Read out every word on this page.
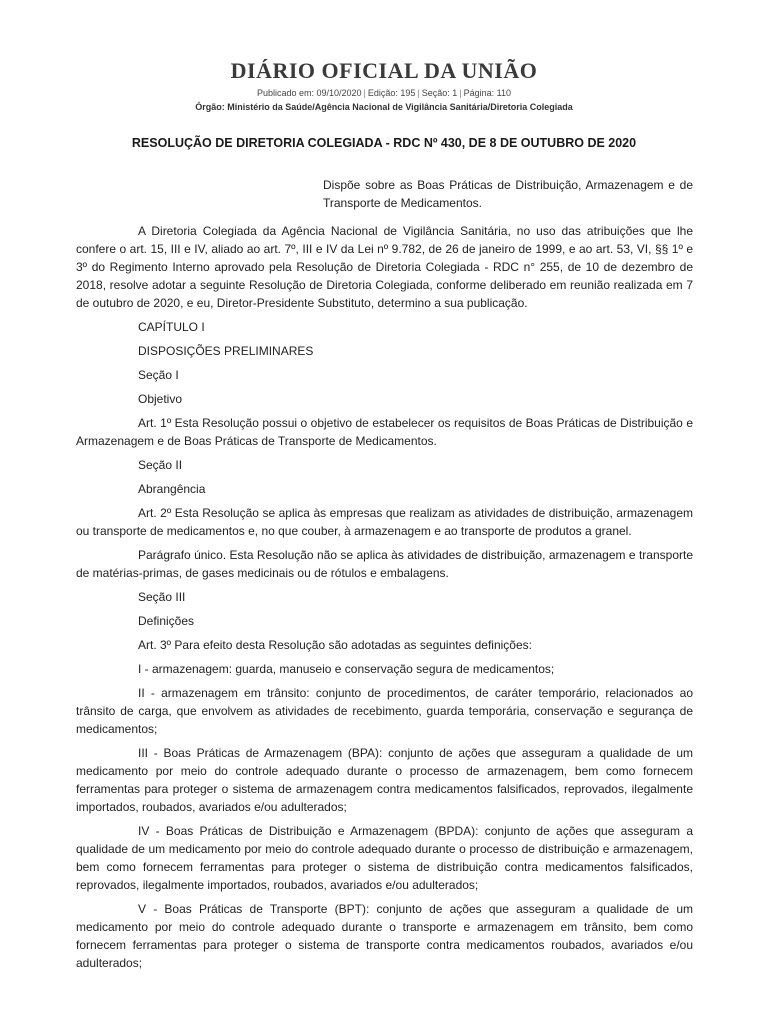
DIÁRIO OFICIAL DA UNIÃO
Publicado em: 09/10/2020 | Edição: 195 | Seção: 1 | Página: 110
Órgão: Ministério da Saúde/Agência Nacional de Vigilância Sanitária/Diretoria Colegiada
RESOLUÇÃO DE DIRETORIA COLEGIADA - RDC Nº 430, DE 8 DE OUTUBRO DE 2020
Dispõe sobre as Boas Práticas de Distribuição, Armazenagem e de Transporte de Medicamentos.

A Diretoria Colegiada da Agência Nacional de Vigilância Sanitária, no uso das atribuições que lhe confere o art. 15, III e IV, aliado ao art. 7º, III e IV da Lei nº 9.782, de 26 de janeiro de 1999, e ao art. 53, VI, §§ 1º e 3º do Regimento Interno aprovado pela Resolução de Diretoria Colegiada - RDC n° 255, de 10 de dezembro de 2018, resolve adotar a seguinte Resolução de Diretoria Colegiada, conforme deliberado em reunião realizada em 7 de outubro de 2020, e eu, Diretor-Presidente Substituto, determino a sua publicação.

CAPÍTULO I

DISPOSIÇÕES PRELIMINARES

Seção I

Objetivo

Art. 1º Esta Resolução possui o objetivo de estabelecer os requisitos de Boas Práticas de Distribuição e Armazenagem e de Boas Práticas de Transporte de Medicamentos.

Seção II

Abrangência

Art. 2º Esta Resolução se aplica às empresas que realizam as atividades de distribuição, armazenagem ou transporte de medicamentos e, no que couber, à armazenagem e ao transporte de produtos a granel.

Parágrafo único. Esta Resolução não se aplica às atividades de distribuição, armazenagem e transporte de matérias-primas, de gases medicinais ou de rótulos e embalagens.

Seção III

Definições

Art. 3º Para efeito desta Resolução são adotadas as seguintes definições:

I - armazenagem: guarda, manuseio e conservação segura de medicamentos;

II - armazenagem em trânsito: conjunto de procedimentos, de caráter temporário, relacionados ao trânsito de carga, que envolvem as atividades de recebimento, guarda temporária, conservação e segurança de medicamentos;

III - Boas Práticas de Armazenagem (BPA): conjunto de ações que asseguram a qualidade de um medicamento por meio do controle adequado durante o processo de armazenagem, bem como fornecem ferramentas para proteger o sistema de armazenagem contra medicamentos falsificados, reprovados, ilegalmente importados, roubados, avariados e/ou adulterados;

IV - Boas Práticas de Distribuição e Armazenagem (BPDA): conjunto de ações que asseguram a qualidade de um medicamento por meio do controle adequado durante o processo de distribuição e armazenagem, bem como fornecem ferramentas para proteger o sistema de distribuição contra medicamentos falsificados, reprovados, ilegalmente importados, roubados, avariados e/ou adulterados;

V - Boas Práticas de Transporte (BPT): conjunto de ações que asseguram a qualidade de um medicamento por meio do controle adequado durante o transporte e armazenagem em trânsito, bem como fornecem ferramentas para proteger o sistema de transporte contra medicamentos roubados, avariados e/ou adulterados;
